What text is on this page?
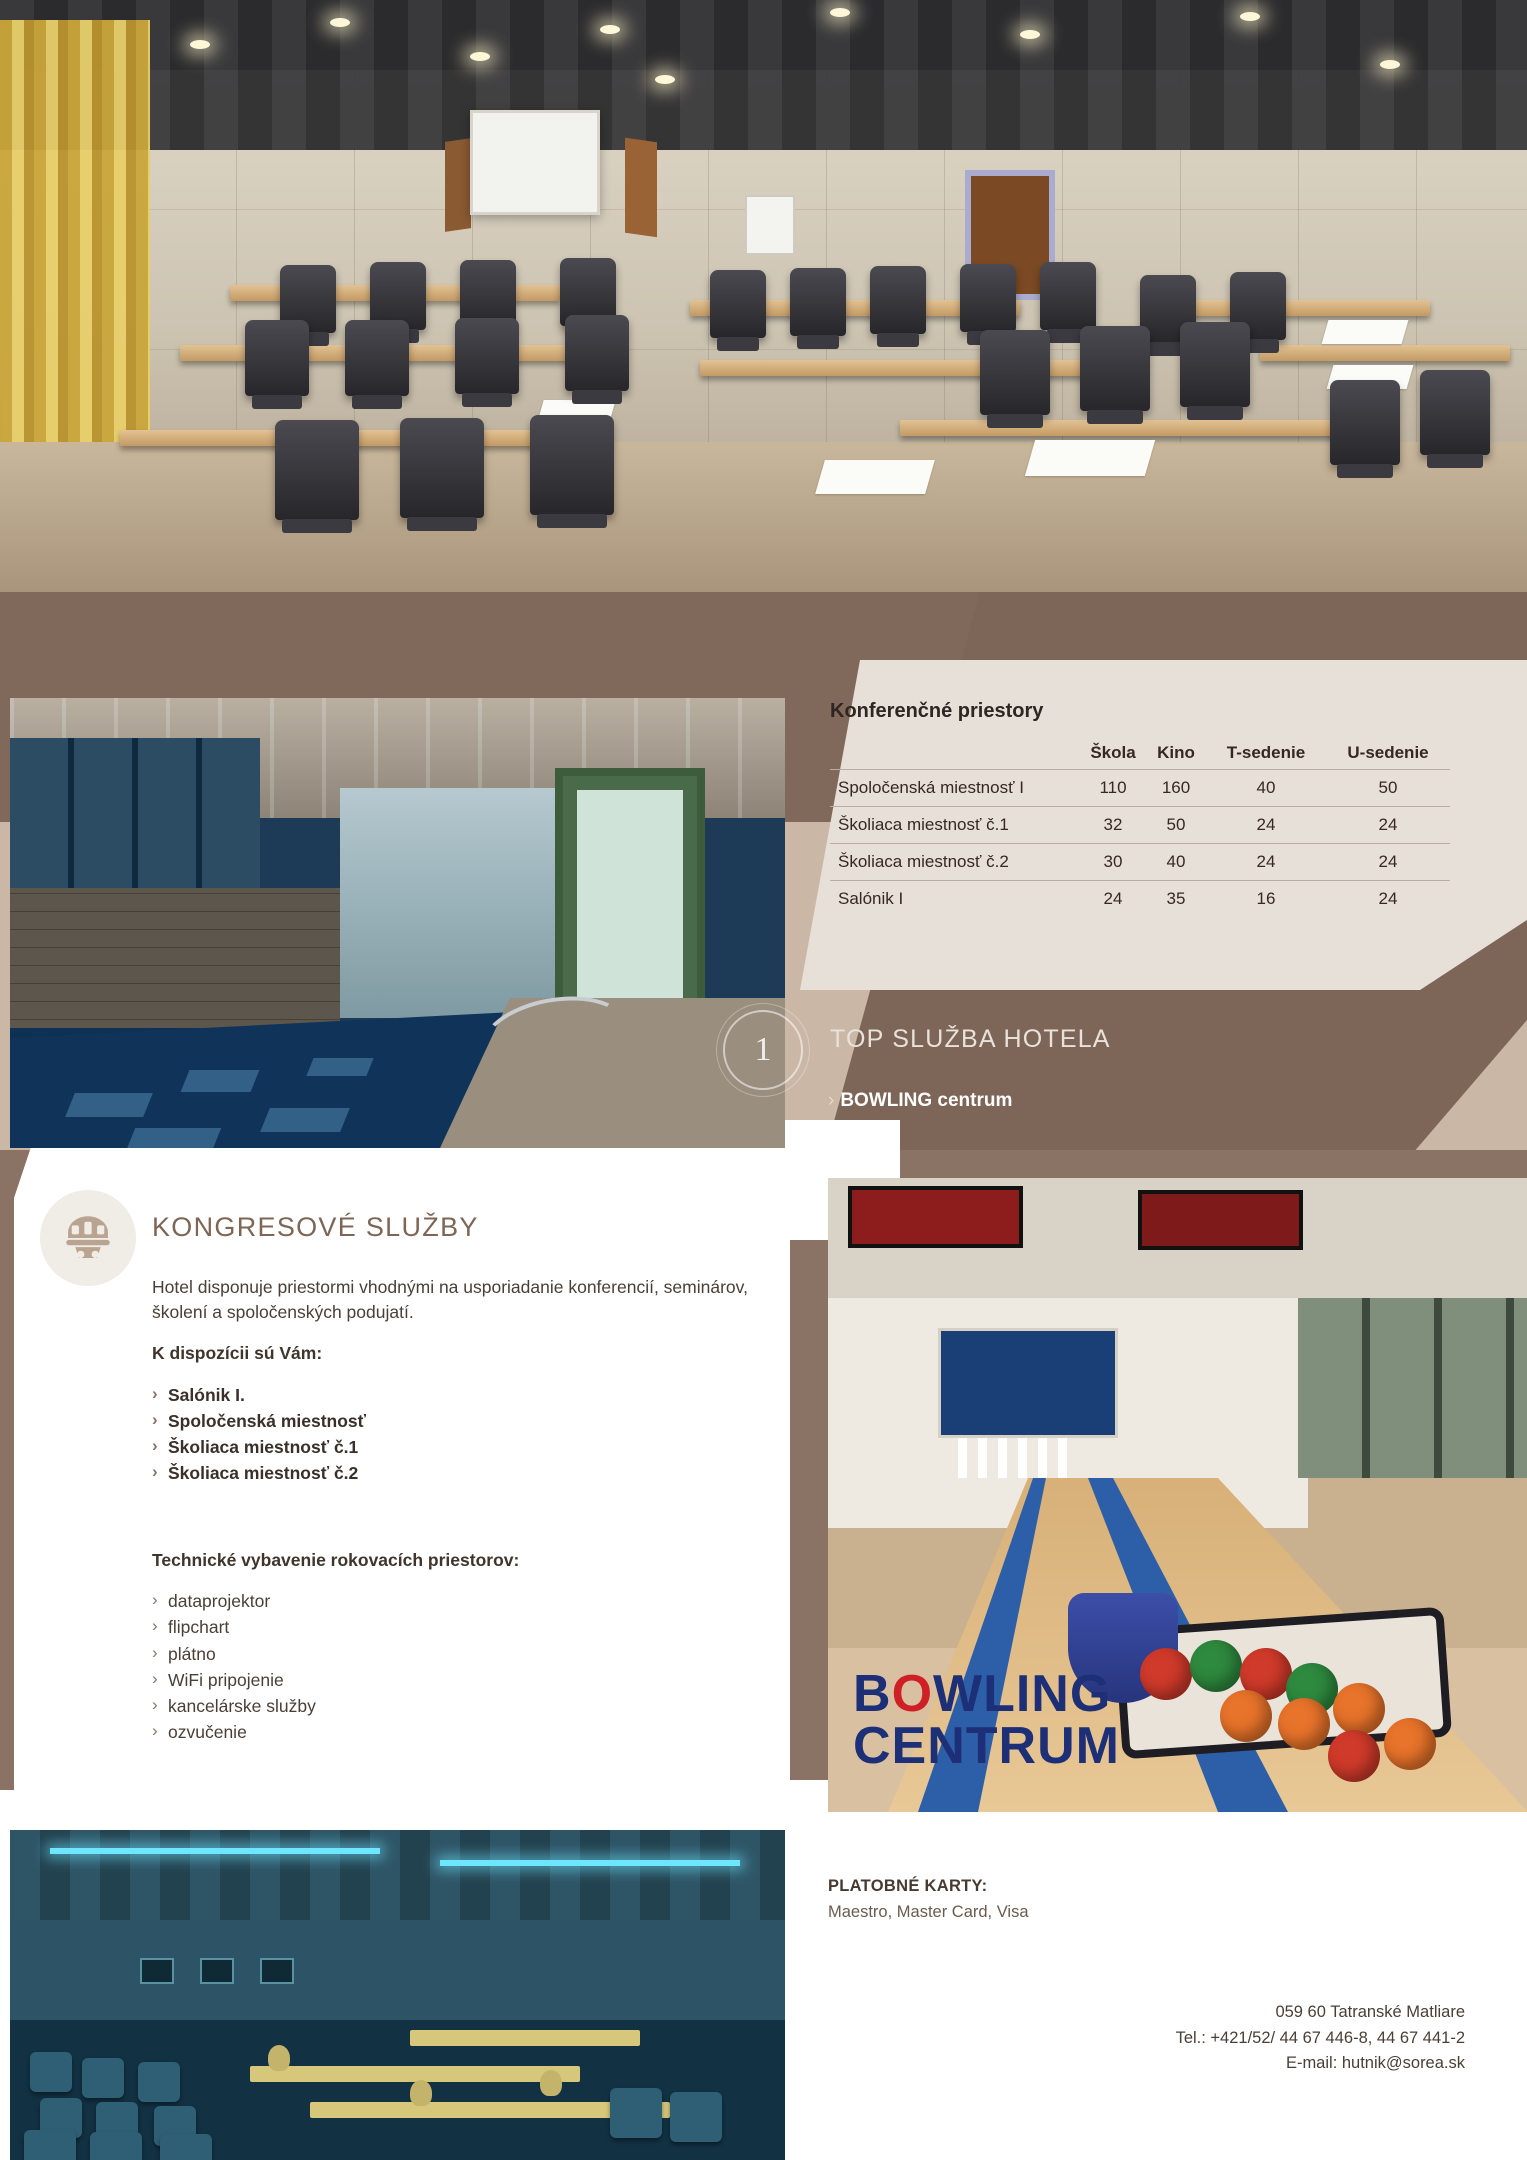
Konferenčné priestory
	Škola	Kino	T-sedenie	U-sedenie
Spoločenská miestnosť I	110	160	40	50
Školiaca miestnosť č.1	32	50	24	24
Školiaca miestnosť č.2	30	40	24	24
Salónik I	24	35	16	24
1 TOP SLUŽBA HOTELA
› BOWLING centrum
KONGRESOVÉ SLUŽBY

Hotel disponuje priestormi vhodnými na usporiadanie konferencií, seminárov, školení a spoločenských podujatí.

K dispozícii sú Vám:

› Salónik I.
› Spoločenská miestnosť
› Školiaca miestnosť č.1
› Školiaca miestnosť č.2
Technické vybavenie rokovacích priestorov:
› dataprojektor
› flipchart
› plátno
› WiFi pripojenie
› kancelárske služby
› ozvučenie
BOWLING
CENTRUM
PLATOBNÉ KARTY:
Maestro, Master Card, Visa
059 60 Tatranské Matliare
Tel.: +421/52/ 44 67 446-8, 44 67 441-2
E-mail: hutnik@sorea.sk
